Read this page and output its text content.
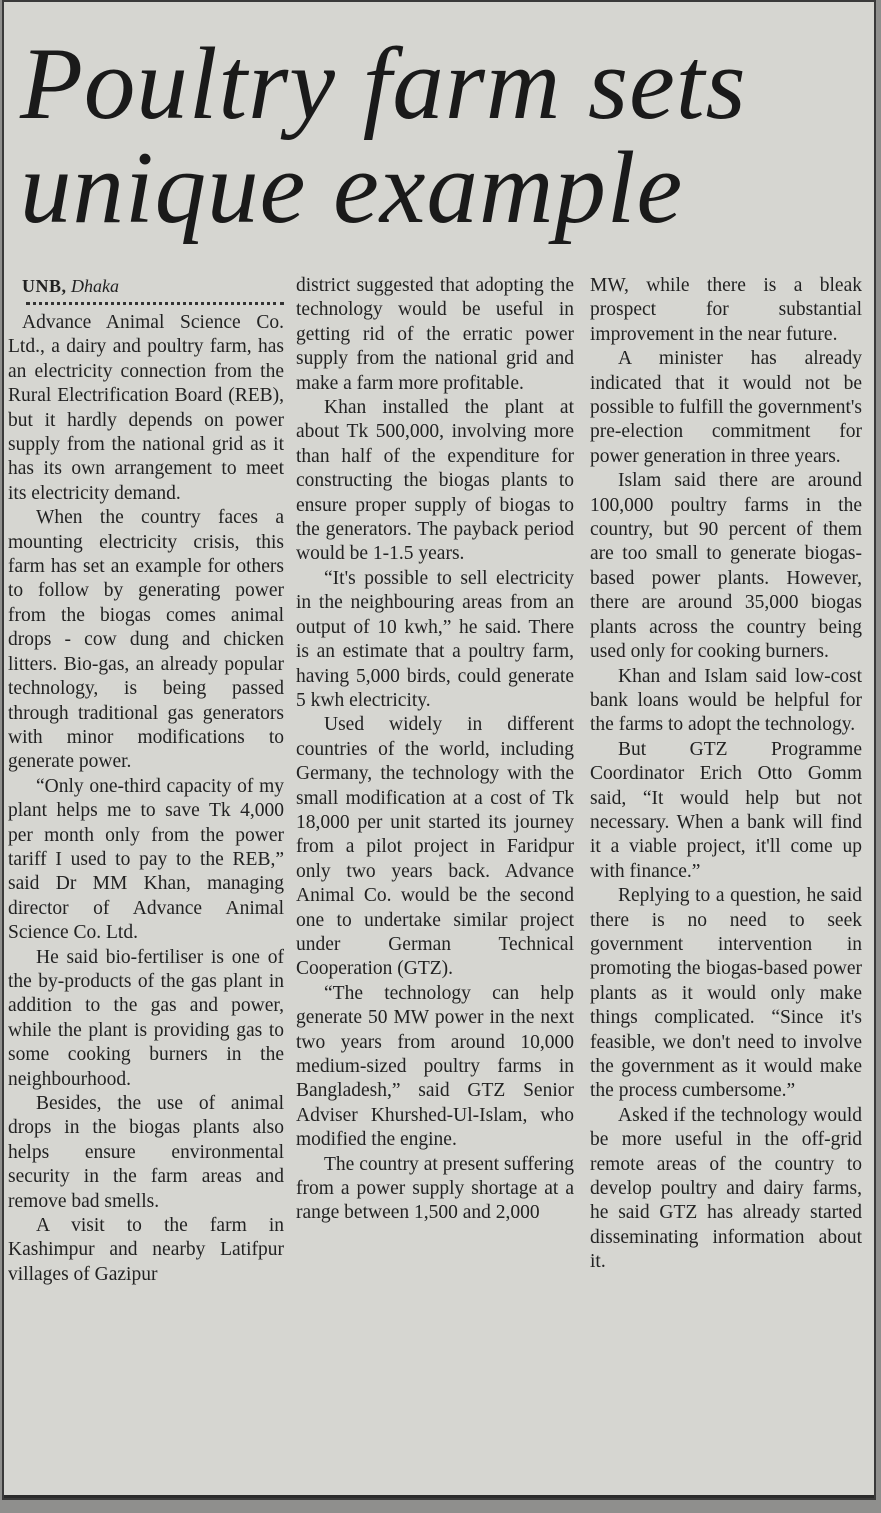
Poultry farm sets
unique example
UNB, Dhaka

Advance Animal Science Co. Ltd., a dairy and poultry farm, has an electricity connection from the Rural Electrification Board (REB), but it hardly depends on power supply from the national grid as it has its own arrangement to meet its electricity demand.

When the country faces a mounting electricity crisis, this farm has set an example for others to follow by generating power from the biogas comes animal drops - cow dung and chicken litters. Bio-gas, an already popular technology, is being passed through traditional gas generators with minor modifications to generate power.

“Only one-third capacity of my plant helps me to save Tk 4,000 per month only from the power tariff I used to pay to the REB,” said Dr MM Khan, managing director of Advance Animal Science Co. Ltd.

He said bio-fertiliser is one of the by-products of the gas plant in addition to the gas and power, while the plant is providing gas to some cooking burners in the neighbourhood.

Besides, the use of animal drops in the biogas plants also helps ensure environmental security in the farm areas and remove bad smells.

A visit to the farm in Kashimpur and nearby Latifpur villages of Gazipur

district suggested that adopting the technology would be useful in getting rid of the erratic power supply from the national grid and make a farm more profitable.

Khan installed the plant at about Tk 500,000, involving more than half of the expenditure for constructing the biogas plants to ensure proper supply of biogas to the generators. The payback period would be 1-1.5 years.

“It's possible to sell electricity in the neighbouring areas from an output of 10 kwh,” he said. There is an estimate that a poultry farm, having 5,000 birds, could generate 5 kwh electricity.

Used widely in different countries of the world, including Germany, the technology with the small modification at a cost of Tk 18,000 per unit started its journey from a pilot project in Faridpur only two years back. Advance Animal Co. would be the second one to undertake similar project under German Technical Cooperation (GTZ).

“The technology can help generate 50 MW power in the next two years from around 10,000 medium-sized poultry farms in Bangladesh,” said GTZ Senior Adviser Khurshed-Ul-Islam, who modified the engine.

The country at present suffering from a power supply shortage at a range between 1,500 and 2,000

MW, while there is a bleak prospect for substantial improvement in the near future.

A minister has already indicated that it would not be possible to fulfill the government's pre-election commitment for power generation in three years.

Islam said there are around 100,000 poultry farms in the country, but 90 percent of them are too small to generate biogas-based power plants. However, there are around 35,000 biogas plants across the country being used only for cooking burners.

Khan and Islam said low-cost bank loans would be helpful for the farms to adopt the technology.

But GTZ Programme Coordinator Erich Otto Gomm said, “It would help but not necessary. When a bank will find it a viable project, it'll come up with finance.”

Replying to a question, he said there is no need to seek government intervention in promoting the biogas-based power plants as it would only make things complicated. “Since it's feasible, we don't need to involve the government as it would make the process cumbersome.”

Asked if the technology would be more useful in the off-grid remote areas of the country to develop poultry and dairy farms, he said GTZ has already started disseminating information about it.
